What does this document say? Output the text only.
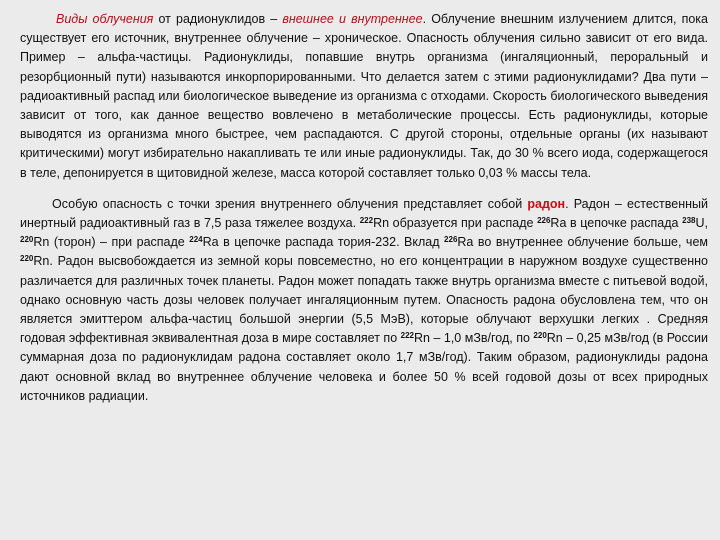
Виды облучения от радионуклидов – внешнее и внутреннее. Облучение внешним излучением длится, пока существует его источник, внутреннее облучение – хроническое. Опасность облучения сильно зависит от его вида. Пример – альфа-частицы. Радионуклиды, попавшие внутрь организма (ингаляционный, пероральный и резорбционный пути) называются инкорпорированными. Что делается затем с этими радионуклидами? Два пути – радиоактивный распад или биологическое выведение из организма с отходами. Скорость биологического выведения зависит от того, как данное вещество вовлечено в метаболические процессы. Есть радионуклиды, которые выводятся из организма много быстрее, чем распадаются. С другой стороны, отдельные органы (их называют критическими) могут избирательно накапливать те или иные радионуклиды. Так, до 30 % всего иода, содержащегося в теле, депонируется в щитовидной железе, масса которой составляет только 0,03 % массы тела.

Особую опасность с точки зрения внутреннего облучения представляет собой радон. Радон – естественный инертный радиоактивный газ в 7,5 раза тяжелее воздуха. $^{222}$Rn образуется при распаде $^{226}$Ra в цепочке распада $^{238}$U, $^{220}$Rn (торон) – при распаде $^{224}$Ra в цепочке распада тория-232. Вклад $^{226}$Ra во внутреннее облучение больше, чем $^{220}$Rn. Радон высвобождается из земной коры повсеместно, но его концентрации в наружном воздухе существенно различается для различных точек планеты. Радон может попадать также внутрь организма вместе с питьевой водой, однако основную часть дозы человек получает ингаляционным путем. Опасность радона обусловлена тем, что он является эмиттером альфа-частиц большой энергии (5,5 МэВ), которые облучают верхушки легких . Средняя годовая эффективная эквивалентная доза в мире составляет по $^{222}$Rn – 1,0 мЗв/год, по $^{220}$Rn – 0,25 мЗв/год (в России суммарная доза по радионуклидам радона составляет около 1,7 мЗв/год). Таким образом, радионуклиды радона дают основной вклад во внутреннее облучение человека и более 50 % всей годовой дозы от всех природных источников радиации.
